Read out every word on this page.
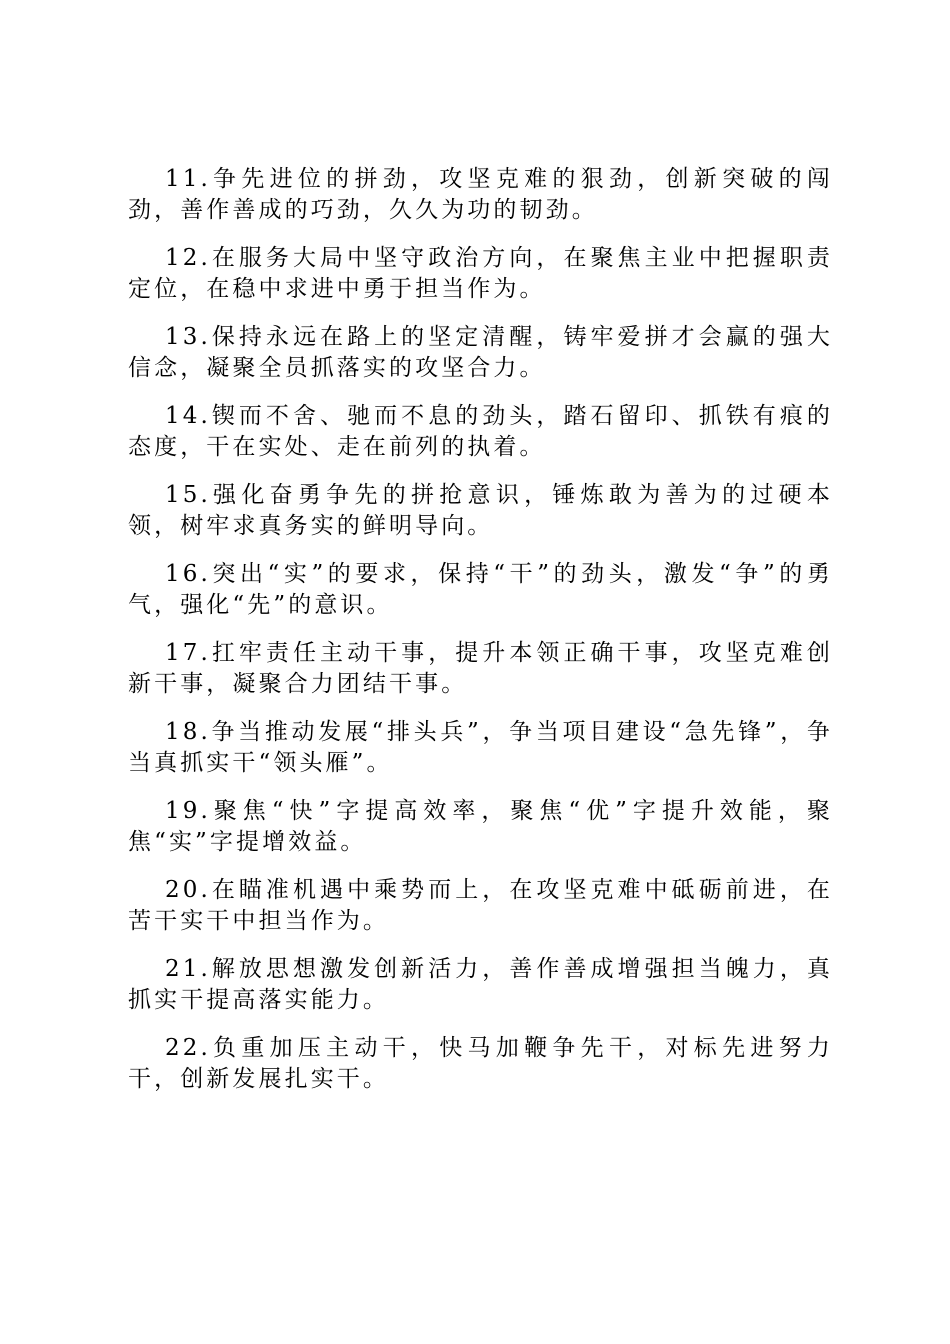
11.争先进位的拼劲，攻坚克难的狠劲，创新突破的闯劲，善作善成的巧劲，久久为功的韧劲。

12.在服务大局中坚守政治方向，在聚焦主业中把握职责定位，在稳中求进中勇于担当作为。

13.保持永远在路上的坚定清醒，铸牢爱拼才会赢的强大信念，凝聚全员抓落实的攻坚合力。

14.锲而不舍、驰而不息的劲头，踏石留印、抓铁有痕的态度，干在实处、走在前列的执着。

15.强化奋勇争先的拼抢意识，锤炼敢为善为的过硬本领，树牢求真务实的鲜明导向。

16.突出“实”的要求，保持“干”的劲头，激发“争”的勇气，强化“先”的意识。

17.扛牢责任主动干事，提升本领正确干事，攻坚克难创新干事，凝聚合力团结干事。

18.争当推动发展“排头兵”，争当项目建设“急先锋”，争当真抓实干“领头雁”。

19.聚焦“快”字提高效率，聚焦“优”字提升效能，聚焦“实”字提增效益。

20.在瞄准机遇中乘势而上，在攻坚克难中砥砺前进，在苦干实干中担当作为。

21.解放思想激发创新活力，善作善成增强担当魄力，真抓实干提高落实能力。

22.负重加压主动干，快马加鞭争先干，对标先进努力干，创新发展扎实干。
